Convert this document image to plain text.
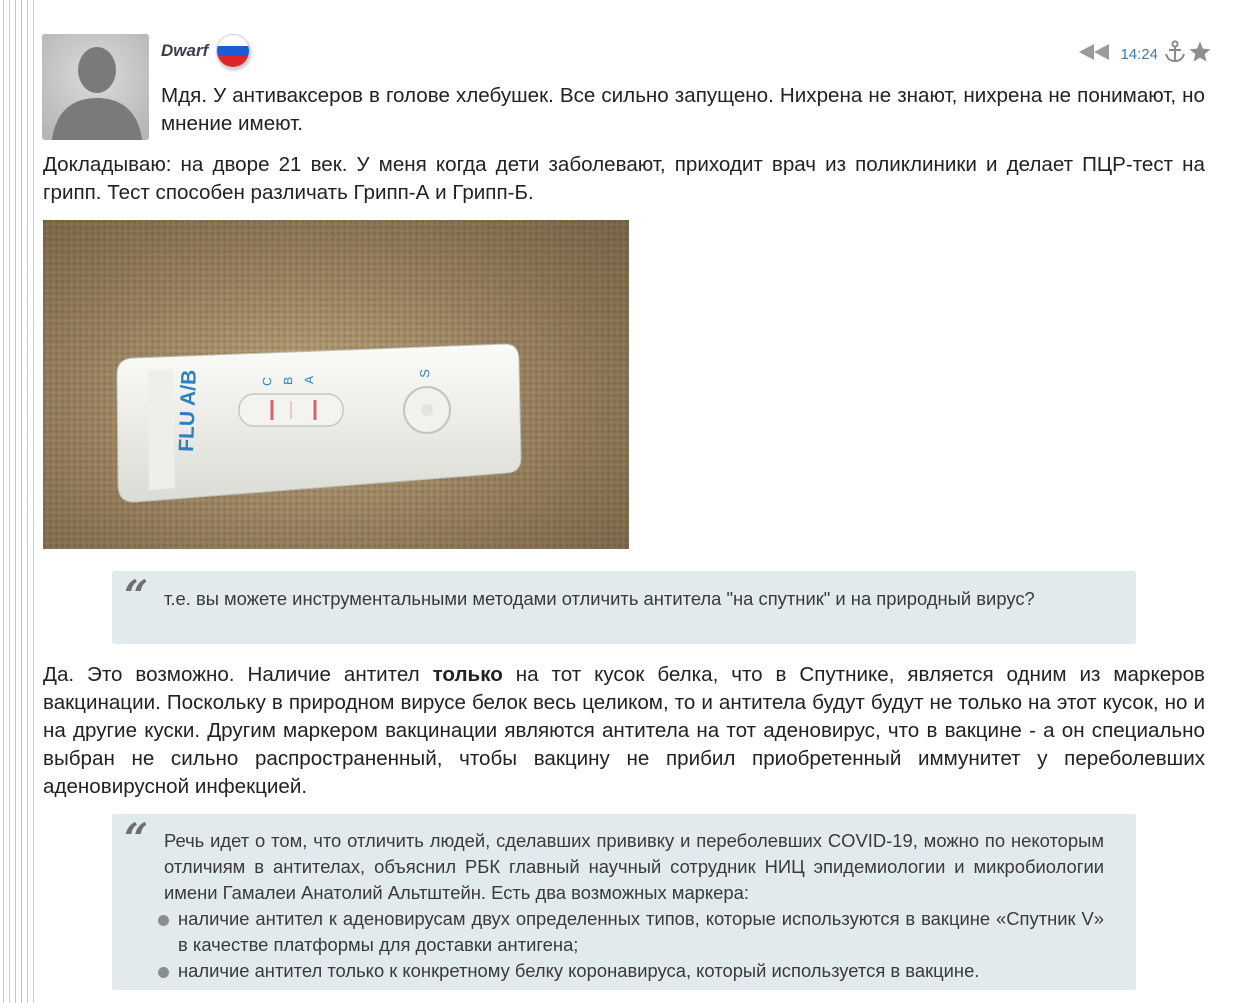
Dwarf	14:24

Мдя. У антиваксеров в голове хлебушек. Все сильно запущено. Нихрена не знают, нихрена не понимают, но мнение имеют.

Докладываю: на дворе 21 век. У меня когда дети заболевают, приходит врач из поликлиники и делает ПЦР-тест на грипп. Тест способен различать Грипп-А и Грипп-Б.

FLU A/B	C B A
S
“ т.е. вы можете инструментальными методами отличить антитела "на спутник" и на природный вирус?

Да. Это возможно. Наличие антител только на тот кусок белка, что в Спутнике, является одним из маркеров вакцинации. Поскольку в природном вирусе белок весь целиком, то и антитела будут будут не только на этот кусок, но и на другие куски. Другим маркером вакцинации являются антитела на тот аденовирус, что в вакцине - а он специально выбран не сильно распространенный, чтобы вакцину не прибил приобретенный иммунитет у переболевших аденовирусной инфекцией.

“ Речь идет о том, что отличить людей, сделавших прививку и переболевших COVID-19, можно по некоторым отличиям в антителах, объяснил РБК главный научный сотрудник НИЦ эпидемиологии и микробиологии имени Гамалеи Анатолий Альтштейн. Есть два возможных маркера:
наличие антител к аденовирусам двух определенных типов, которые используются в вакцине «Спутник V» в качестве платформы для доставки антигена;
наличие антител только к конкретному белку коронавируса, который используется в вакцине.
